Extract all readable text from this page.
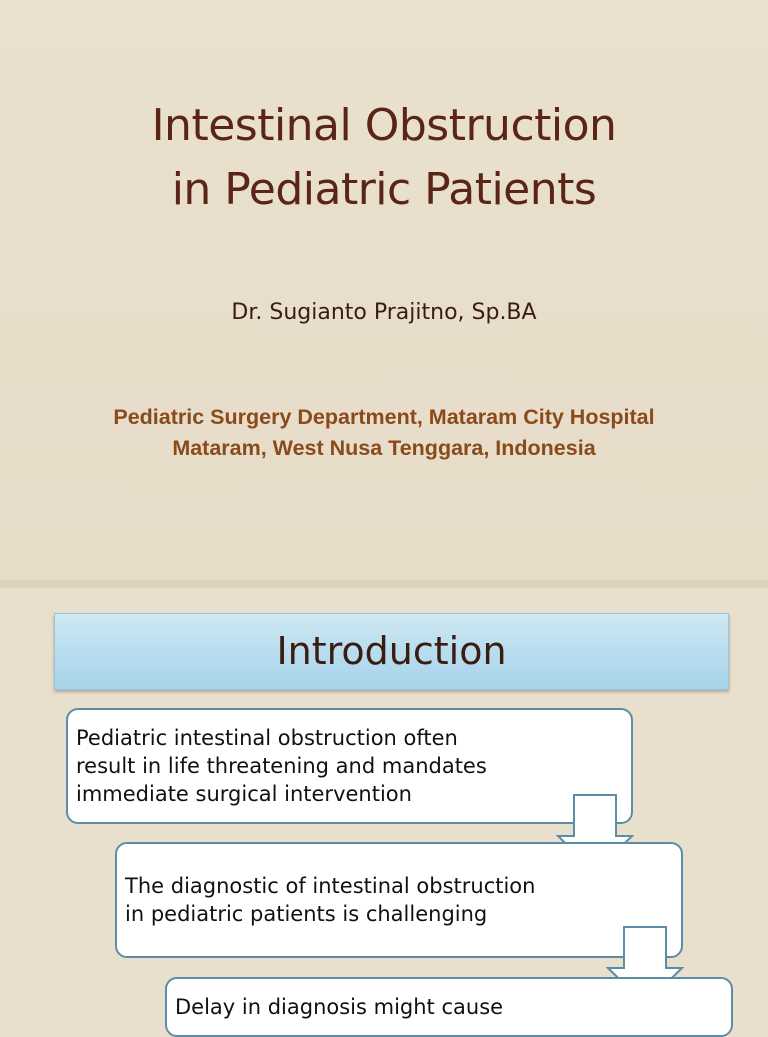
Intestinal Obstruction
in Pediatric Patients
Dr. Sugianto Prajitno, Sp.BA
Pediatric Surgery Department, Mataram City Hospital
Mataram, West Nusa Tenggara, Indonesia
Introduction
Pediatric intestinal obstruction often
result in life threatening and mandates
immediate surgical intervention
The diagnostic of intestinal obstruction
in pediatric patients is challenging
Delay in diagnosis might cause
